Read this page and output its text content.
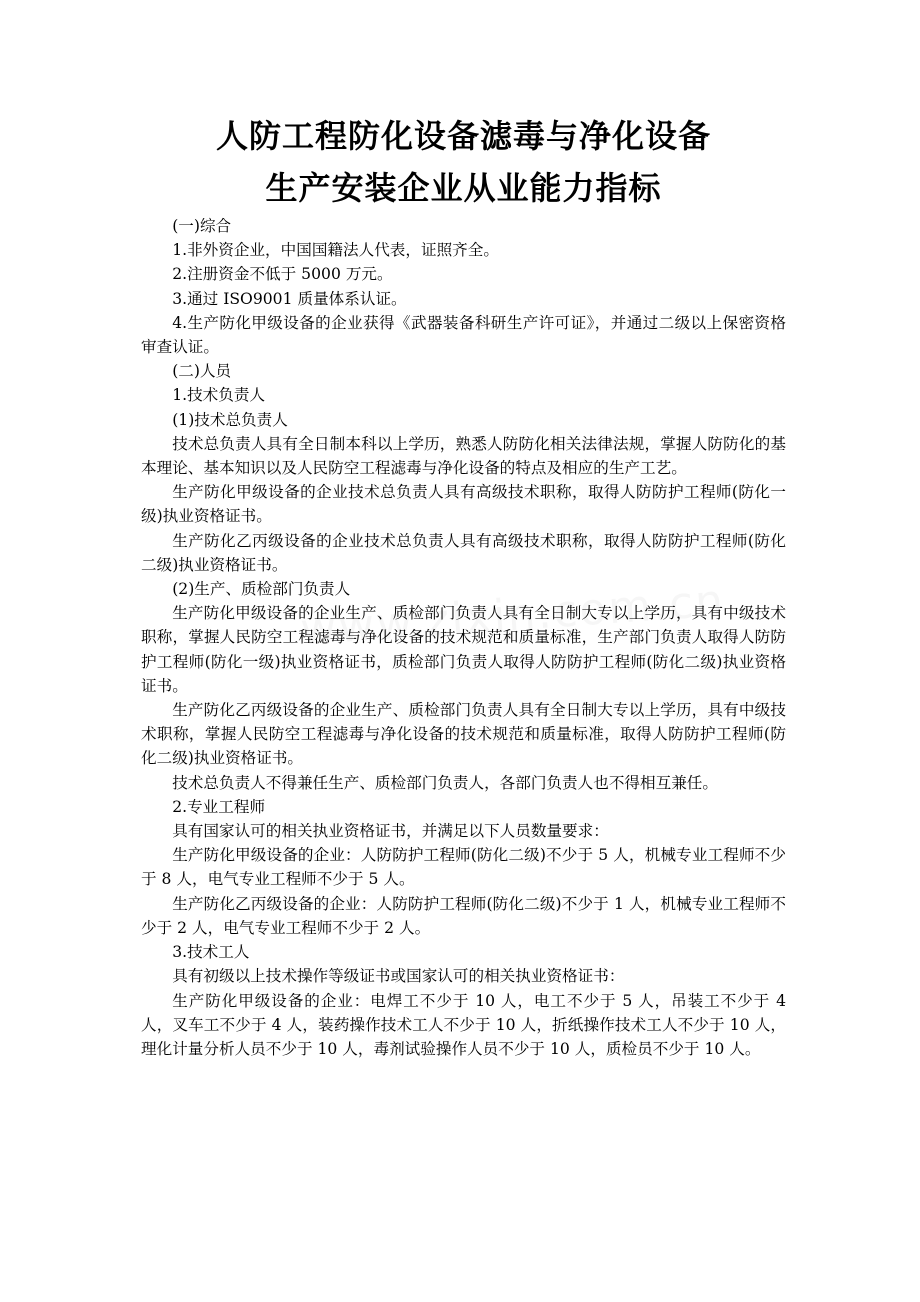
人防工程防化设备滤毒与净化设备
生产安装企业从业能力指标

(一)综合

1.非外资企业，中国国籍法人代表，证照齐全。

2.注册资金不低于 5000 万元。

3.通过 ISO9001 质量体系认证。

4.生产防化甲级设备的企业获得《武器装备科研生产许可证》，并通过二级以上保密资格审查认证。

(二)人员

1.技术负责人

(1)技术总负责人

技术总负责人具有全日制本科以上学历，熟悉人防防化相关法律法规，掌握人防防化的基本理论、基本知识以及人民防空工程滤毒与净化设备的特点及相应的生产工艺。

生产防化甲级设备的企业技术总负责人具有高级技术职称，取得人防防护工程师(防化一级)执业资格证书。

生产防化乙丙级设备的企业技术总负责人具有高级技术职称，取得人防防护工程师(防化二级)执业资格证书。

(2)生产、质检部门负责人

生产防化甲级设备的企业生产、质检部门负责人具有全日制大专以上学历，具有中级技术职称，掌握人民防空工程滤毒与净化设备的技术规范和质量标准，生产部门负责人取得人防防护工程师(防化一级)执业资格证书，质检部门负责人取得人防防护工程师(防化二级)执业资格证书。

生产防化乙丙级设备的企业生产、质检部门负责人具有全日制大专以上学历，具有中级技术职称，掌握人民防空工程滤毒与净化设备的技术规范和质量标准，取得人防防护工程师(防化二级)执业资格证书。

技术总负责人不得兼任生产、质检部门负责人，各部门负责人也不得相互兼任。

2.专业工程师

具有国家认可的相关执业资格证书，并满足以下人员数量要求：

生产防化甲级设备的企业：人防防护工程师(防化二级)不少于 5 人，机械专业工程师不少于 8 人，电气专业工程师不少于 5 人。

生产防化乙丙级设备的企业：人防防护工程师(防化二级)不少于 1 人，机械专业工程师不少于 2 人，电气专业工程师不少于 2 人。

3.技术工人

具有初级以上技术操作等级证书或国家认可的相关执业资格证书：

生产防化甲级设备的企业：电焊工不少于 10 人，电工不少于 5 人，吊装工不少于 4 人，叉车工不少于 4 人，装药操作技术工人不少于 10 人，折纸操作技术工人不少于 10 人，理化计量分析人员不少于 10 人，毒剂试验操作人员不少于 10 人，质检员不少于 10 人。
